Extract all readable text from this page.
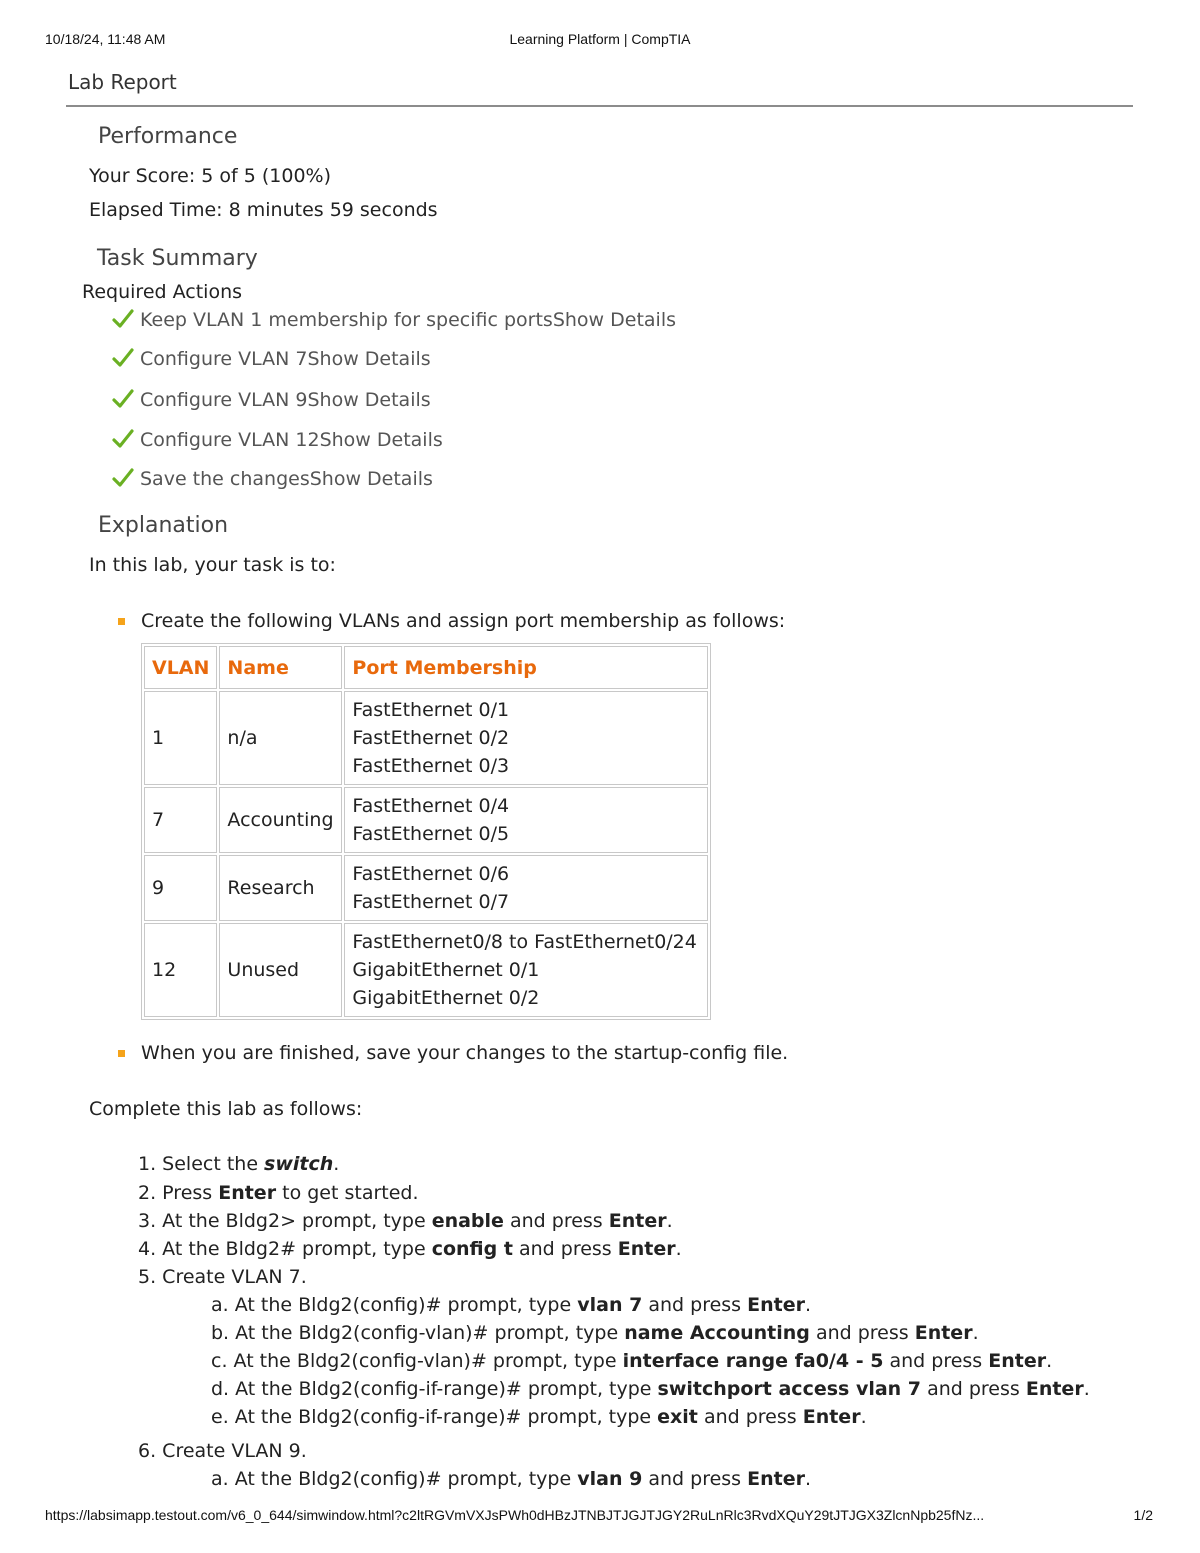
10/18/24, 11:48 AM	Learning Platform | CompTIA
Lab Report
Performance
Your Score: 5 of 5 (100%)
Elapsed Time: 8 minutes 59 seconds
Task Summary
Required Actions
Keep VLAN 1 membership for specific portsShow Details
Configure VLAN 7Show Details
Configure VLAN 9Show Details
Configure VLAN 12Show Details
Save the changesShow Details
Explanation
In this lab, your task is to:
Create the following VLANs and assign port membership as follows:
VLAN	Name	Port Membership
1	n/a	FastEthernet 0/1
FastEthernet 0/2
FastEthernet 0/3

7	Accounting	FastEthernet 0/4
FastEthernet 0/5

9	Research	FastEthernet 0/6
FastEthernet 0/7

12	Unused	FastEthernet0/8 to FastEthernet0/24
GigabitEthernet 0/1
GigabitEthernet 0/2
When you are finished, save your changes to the startup-config file.
Complete this lab as follows:
1. Select the switch.
2. Press Enter to get started.
3. At the Bldg2> prompt, type enable and press Enter.
4. At the Bldg2# prompt, type config t and press Enter.
5. Create VLAN 7.
a. At the Bldg2(config)# prompt, type vlan 7 and press Enter.
b. At the Bldg2(config-vlan)# prompt, type name Accounting and press Enter.
c. At the Bldg2(config-vlan)# prompt, type interface range fa0/4 - 5 and press Enter.
d. At the Bldg2(config-if-range)# prompt, type switchport access vlan 7 and press Enter.
e. At the Bldg2(config-if-range)# prompt, type exit and press Enter.
6. Create VLAN 9.
a. At the Bldg2(config)# prompt, type vlan 9 and press Enter.
https://labsimapp.testout.com/v6_0_644/simwindow.html?c2ltRGVmVXJsPWh0dHBzJTNBJTJGJTJGY2RuLnRlc3RvdXQuY29tJTJGX3ZlcnNpb25fNz...	1/2
